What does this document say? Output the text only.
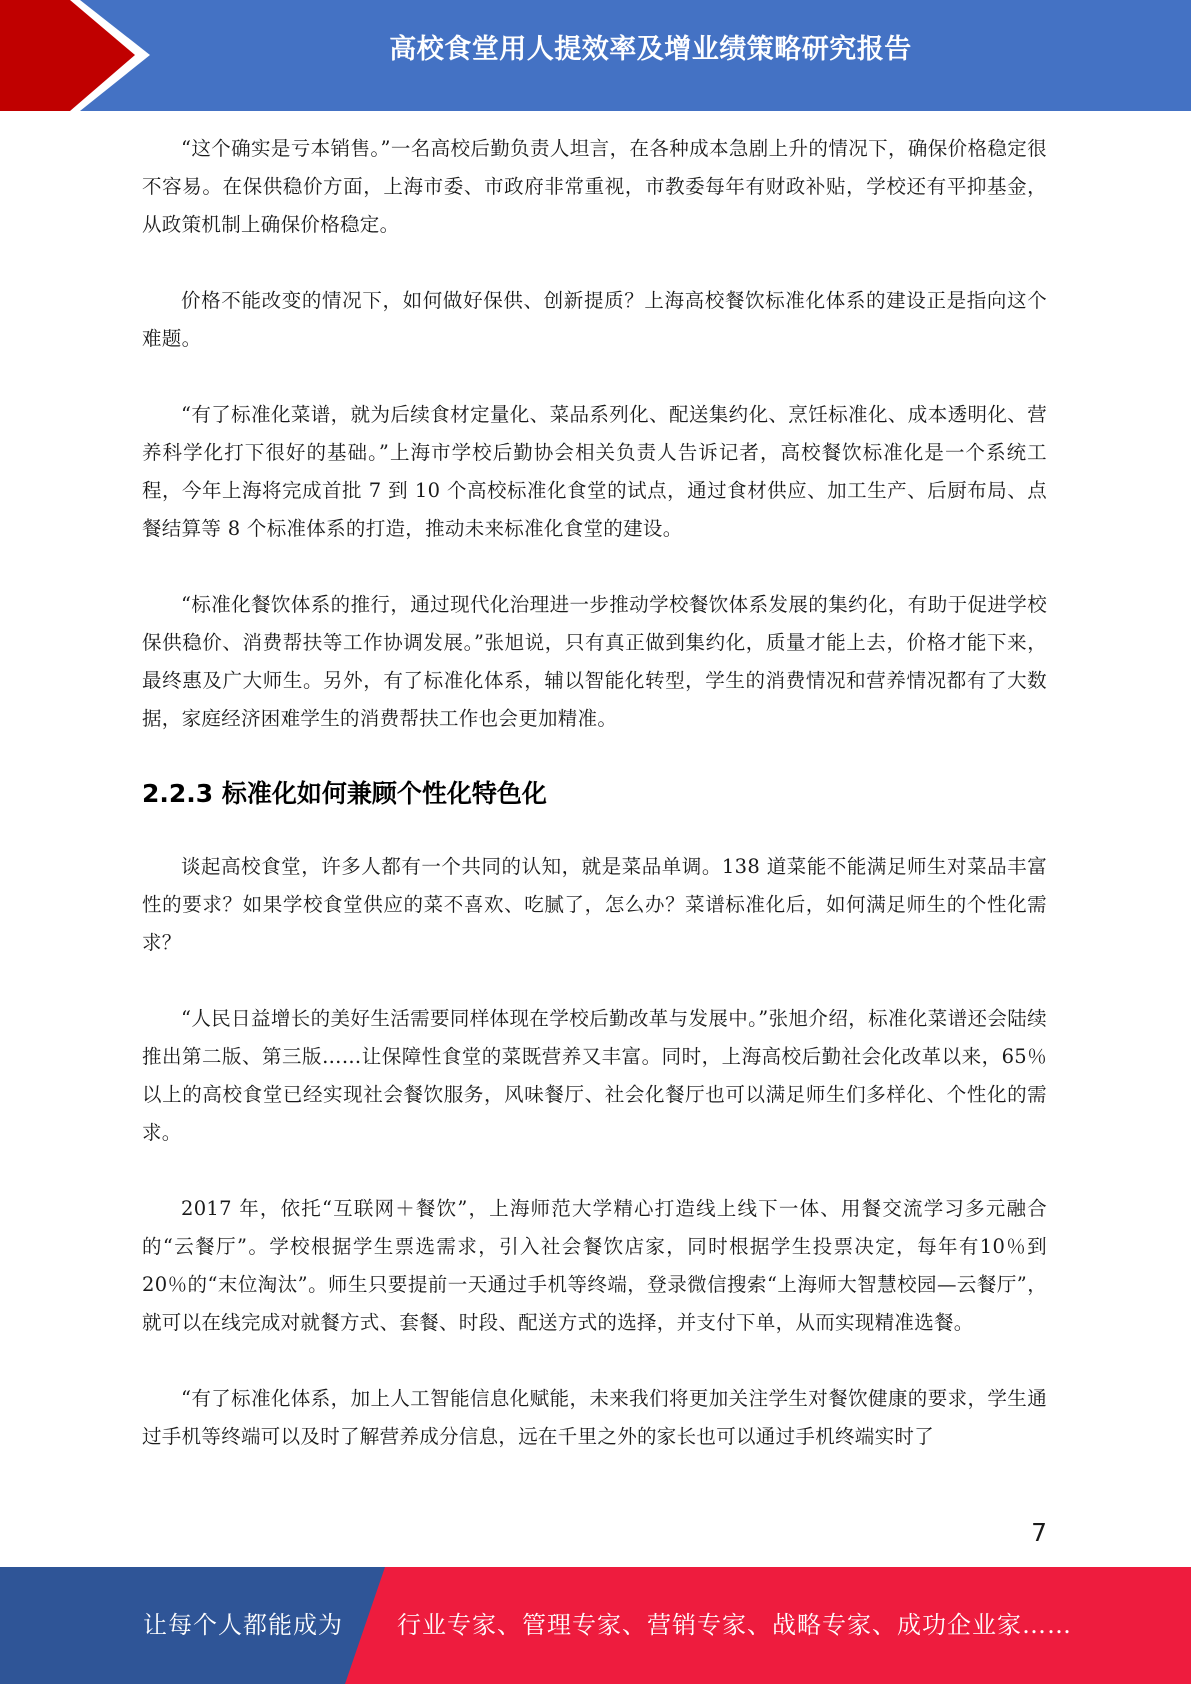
高校食堂用人提效率及增业绩策略研究报告

“这个确实是亏本销售。”一名高校后勤负责人坦言，在各种成本急剧上升的情况下，确保价格稳定很不容易。在保供稳价方面，上海市委、市政府非常重视，市教委每年有财政补贴，学校还有平抑基金，从政策机制上确保价格稳定。

价格不能改变的情况下，如何做好保供、创新提质？上海高校餐饮标准化体系的建设正是指向这个难题。

“有了标准化菜谱，就为后续食材定量化、菜品系列化、配送集约化、烹饪标准化、成本透明化、营养科学化打下很好的基础。”上海市学校后勤协会相关负责人告诉记者，高校餐饮标准化是一个系统工程，今年上海将完成首批 7 到 10 个高校标准化食堂的试点，通过食材供应、加工生产、后厨布局、点餐结算等 8 个标准体系的打造，推动未来标准化食堂的建设。

“标准化餐饮体系的推行，通过现代化治理进一步推动学校餐饮体系发展的集约化，有助于促进学校保供稳价、消费帮扶等工作协调发展。”张旭说，只有真正做到集约化，质量才能上去，价格才能下来，最终惠及广大师生。另外，有了标准化体系，辅以智能化转型，学生的消费情况和营养情况都有了大数据，家庭经济困难学生的消费帮扶工作也会更加精准。

2.2.3 标准化如何兼顾个性化特色化

谈起高校食堂，许多人都有一个共同的认知，就是菜品单调。138 道菜能不能满足师生对菜品丰富性的要求？如果学校食堂供应的菜不喜欢、吃腻了，怎么办？菜谱标准化后，如何满足师生的个性化需求？

“人民日益增长的美好生活需要同样体现在学校后勤改革与发展中。”张旭介绍，标准化菜谱还会陆续推出第二版、第三版……让保障性食堂的菜既营养又丰富。同时，上海高校后勤社会化改革以来，65％以上的高校食堂已经实现社会餐饮服务，风味餐厅、社会化餐厅也可以满足师生们多样化、个性化的需求。

2017 年，依托“互联网＋餐饮”，上海师范大学精心打造线上线下一体、用餐交流学习多元融合的“云餐厅”。学校根据学生票选需求，引入社会餐饮店家，同时根据学生投票决定，每年有10％到 20％的“末位淘汰”。师生只要提前一天通过手机等终端，登录微信搜索“上海师大智慧校园—云餐厅”，就可以在线完成对就餐方式、套餐、时段、配送方式的选择，并支付下单，从而实现精准选餐。

“有了标准化体系，加上人工智能信息化赋能，未来我们将更加关注学生对餐饮健康的要求，学生通过手机等终端可以及时了解营养成分信息，远在千里之外的家长也可以通过手机终端实时了

7
让每个人都能成为 行业专家、管理专家、营销专家、战略专家、成功企业家……
